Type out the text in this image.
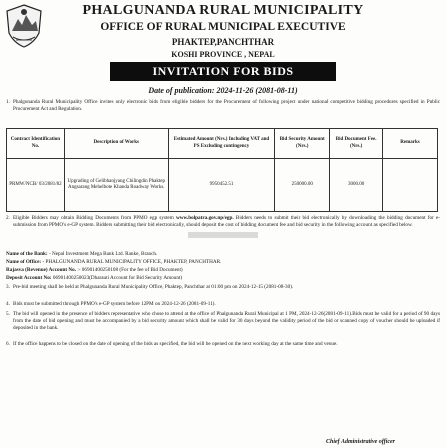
PHALGUNANDA RURAL MUNICIPALITY
OFFICE OF RURAL MUNICIPAL EXECUTIVE
PHAKTEP,PANCHTHAR
KOSHI PROVINCE , NEPAL
INVITATION FOR BIDS
Date of publication: 2024-11-26 (2081-08-11)
1. Phalgunanda Rural Municipality Office invites only electronic bids from eligible bidders for the Procurement of following project under national competitive bidding procedures specified in Public Procurement Act and Regulation.
Contract Identification No.	Description of Works	Estimated Amount (Nrs.) Including VAT and PS Excluding contingency	Bid Security Amount (Nrs.)	Bid Document Fee.(Nrs.)	Remarks
PRMW/NCB/ 03/2081/82	Upgrading of Gelibhanjyang Chilingdin Phaktep Angsarang Mehelbote Khanda Roadway Works.	9950452.51	250000.00	3000.00	
2. Eligible Bidders may obtain Bidding Documents from PPMO egp system www.bolpatra.gov.np/egp. Bidders needs to submit their bid electronically by downloading the bidding document for e-submission from PPMO's e-GP system. Bidders submitting their bid electronically, should deposit the cost of bidding document fee and bid security in the following account as specified below.
Name of the Bank: - Nepal Investment Mega Bank Ltd. Ranke, Branch.
Name of Office: - PHALGUNANDA RURAL MUNICIPALITY OFFICE, PHAKTEP, PANCHTHAR.
Rajasva (Revenue) Account No. :- 06901400250108 (For the fee of Bid Document)
Deposit Account No: 06901400250023(Dharauti Account for Bid Security Amount)
3. Pre-bid meeting shall be held at Phalgunanda Rural Municipality Office, Phaktep, Panchthar at 01:00 pm on 2024-12-15 (2081-08-30).
4. Bids must be submitted through PPMO's e-GP system before 12PM on 2024-12-26 (2081-09-11).
5. The bid will opened in the presence of bidders representative who chose to attend at the office of Phalgunanda Rural Municipal at 1 PM, 2024-12-26(2081-09-11).Bids must be valid for a period of 90 days from the date of bid opening and must be accompanied by a bid security amount which shall be valid for 30 days beyond the validity period of the bid or scanned copy of voucher should be uploaded if deposited in the bank.
6. If the office happens to be closed on the date of opening of the bids as specified, the bid will be opened on the next working day at the same time and venue.
Chief Administrative officer
